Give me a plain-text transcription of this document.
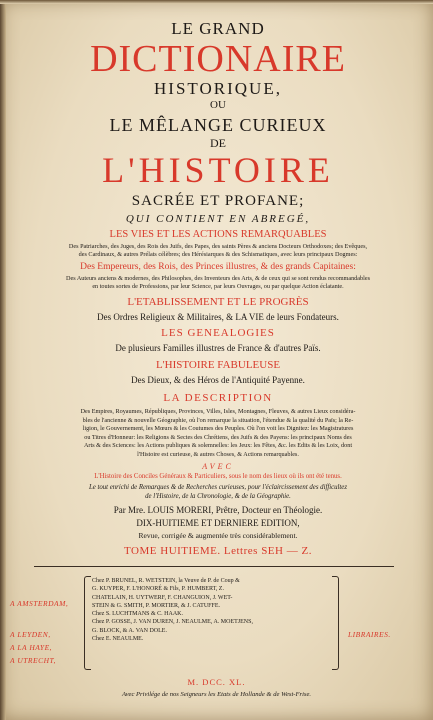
LE GRAND
DICTIONAIRE
HISTORIQUE,
OU
LE MÊLANGE CURIEUX
DE
L'HISTOIRE
SACRÉE ET PROFANE;
QUI CONTIENT EN ABREGÉ,
LES VIES ET LES ACTIONS REMARQUABLES
Des Patriarches, des Juges, des Rois des Juifs, des Papes, des saints Pères & anciens Docteurs Orthodoxes; des Evêques,
des Cardinaux, & autres Prélats célèbres; des Hérésiarques & des Schismatiques, avec leurs principaux Dogmes:
Des Empereurs, des Rois, des Princes illustres, & des grands Capitaines:
Des Auteurs anciens & modernes, des Philosophes, des Inventeurs des Arts, & de ceux qui se sont rendus recommandables
en toutes sortes de Professions, par leur Science, par leurs Ouvrages, ou par quelque Action éclatante.
L'ETABLISSEMENT ET LE PROGRÈS
Des Ordres Religieux & Militaires, & LA VIE de leurs Fondateurs.
LES GENEALOGIES
De plusieurs Familles illustres de France & d'autres Païs.
L'HISTOIRE FABULEUSE
Des Dieux, & des Héros de l'Antiquité Payenne.
LA DESCRIPTION
Des Empires, Royaumes, Républiques, Provinces, Villes, Isles, Montagnes, Fleuves, & autres Lieux considéra-
bles de l'ancienne & nouvelle Géographie, où l'on remarque la situation, l'étendue & la qualité du Païs; la Re-
ligion, le Gouvernement, les Mœurs & les Coutumes des Peuples. Où l'on voit les Dignitez: les Magistratures
ou Titres d'Honneur: les Religions & Sectes des Chrétiens, des Juifs & des Payens: les principaux Noms des
Arts & des Sciences: les Actions publiques & solemnelles: les Jeux: les Fêtes, &c. les Edits & les Loix, dont
l'Histoire est curieuse, & autres Choses, & Actions remarquables.
AVEC
L'Histoire des Conciles Généraux & Particuliers, sous le nom des lieux où ils ont été tenus.
Le tout enrichi de Remarques & de Recherches curieuses, pour l'éclaircissement des difficultez
de l'Histoire, de la Chronologie, & de la Géographie.
Par Mre. LOUIS MORERI, Prêtre, Docteur en Théologie.
DIX-HUITIEME ET DERNIERE EDITION,
Revue, corrigée & augmentée très considérablement.
TOME HUITIEME. Lettres SEH — Z.
A AMSTERDAM,
A LEYDEN,
A LA HAYE,
A UTRECHT,
Chez P. BRUNEL, R. WETSTEIN, la Veuve de P. de Coup &
G. KUYPER, F. L'HONORÉ & Fils, P. HUMBERT, Z.
CHATELAIN, H. UYTWERF, F. CHANGUION, J. WET-
STEIN & G. SMITH, P. MORTIER, & J. CATUFFE.
Chez S. LUCHTMANS & C. HAAK.
Chez P. GOSSE, J. VAN DUREN, J. NEAULME, A. MOETJENS,
G. BLOCK, & A. VAN DOLE.
Chez E. NEAULME.
LIBRAIRES.
M. DCC. XL.
Avec Privilége de nos Seigneurs les Etats de Hollande & de West-Frise.
